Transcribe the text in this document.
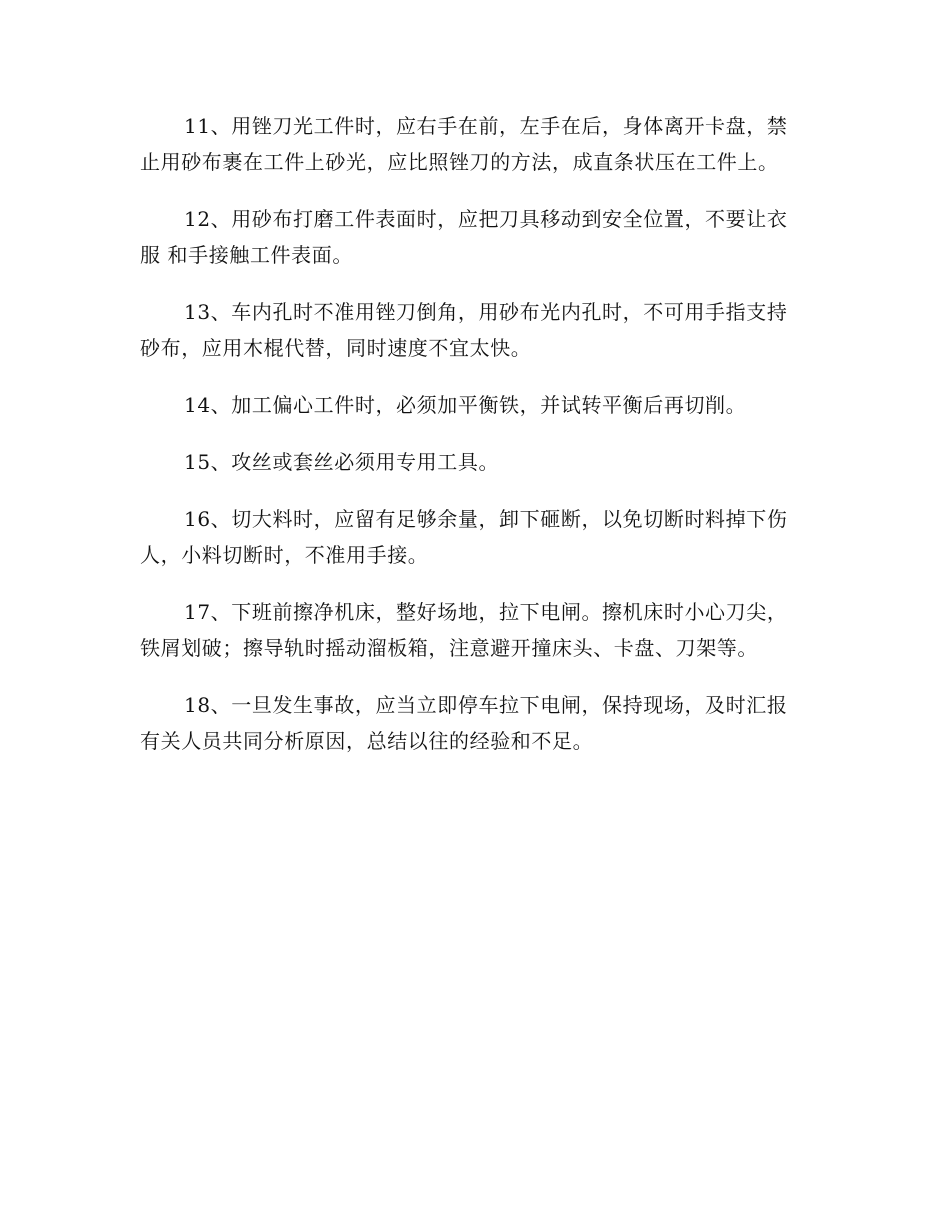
11、用锉刀光工件时，应右手在前，左手在后，身体离开卡盘，禁止用砂布裹在工件上砂光，应比照锉刀的方法，成直条状压在工件上。

12、用砂布打磨工件表面时，应把刀具移动到安全位置，不要让衣服 和手接触工件表面。

13、车内孔时不准用锉刀倒角，用砂布光内孔时，不可用手指支持砂布，应用木棍代替，同时速度不宜太快。

14、加工偏心工件时，必须加平衡铁，并试转平衡后再切削。

15、攻丝或套丝必须用专用工具。

16、切大料时，应留有足够余量，卸下砸断，以免切断时料掉下伤人，小料切断时，不准用手接。

17、下班前擦净机床，整好场地，拉下电闸。擦机床时小心刀尖，铁屑划破；擦导轨时摇动溜板箱，注意避开撞床头、卡盘、刀架等。

18、一旦发生事故，应当立即停车拉下电闸，保持现场，及时汇报有关人员共同分析原因，总结以往的经验和不足。
